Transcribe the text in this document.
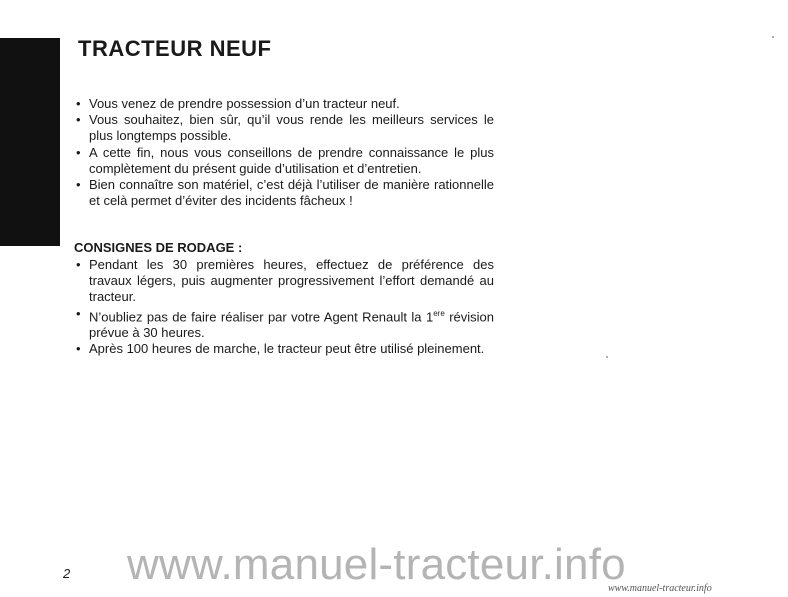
TRACTEUR NEUF
• Vous venez de prendre possession d’un tracteur neuf.
• Vous souhaitez, bien sûr, qu’il vous rende les meilleurs services le plus longtemps possible.
• A cette fin, nous vous conseillons de prendre connaissance le plus complètement du présent guide d’utilisation et d’entretien.
• Bien connaître son matériel, c’est déjà l’utiliser de manière rationnelle et celà permet d’éviter des incidents fâcheux !

CONSIGNES DE RODAGE :

• Pendant les 30 premières heures, effectuez de préférence des travaux légers, puis augmenter progressivement l’effort demandé au tracteur.
• N’oubliez pas de faire réaliser par votre Agent Renault la 1ere révision prévue à 30 heures.
• Après 100 heures de marche, le tracteur peut être utilisé pleinement.
2 www.manuel-tracteur.info
www.manuel-tracteur.info
